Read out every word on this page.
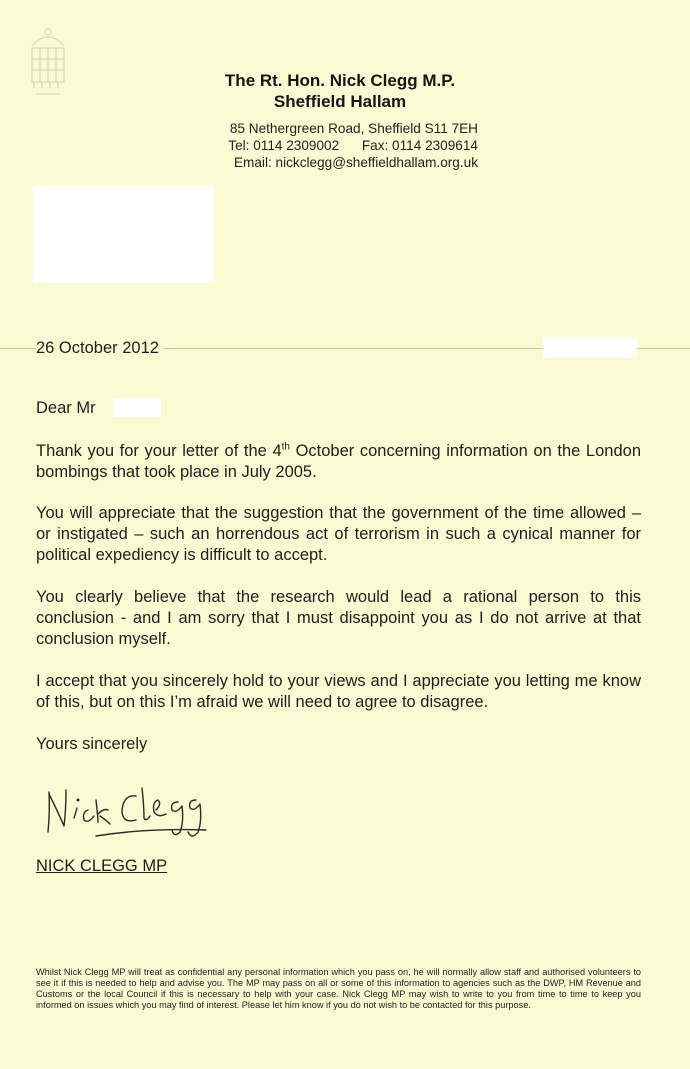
The Rt. Hon. Nick Clegg M.P.
Sheffield Hallam
85 Nethergreen Road, Sheffield S11 7EH
Tel: 0114 2309002 Fax: 0114 2309614
Email: nickclegg@sheffieldhallam.org.uk
26 October 2012
Dear Mr

Thank you for your letter of the 4th October concerning information on the London bombings that took place in July 2005.

You will appreciate that the suggestion that the government of the time allowed – or instigated – such an horrendous act of terrorism in such a cynical manner for political expediency is difficult to accept.

You clearly believe that the research would lead a rational person to this conclusion - and I am sorry that I must disappoint you as I do not arrive at that conclusion myself.

I accept that you sincerely hold to your views and I appreciate you letting me know of this, but on this I’m afraid we will need to agree to disagree.

Yours sincerely
NICK CLEGG MP
Whilst Nick Clegg MP will treat as confidential any personal information which you pass on, he will normally allow staff and authorised volunteers to see it if this is needed to help and advise you. The MP may pass on all or some of this information to agencies such as the DWP, HM Revenue and Customs or the local Council if this is necessary to help with your case. Nick Clegg MP may wish to write to you from time to time to keep you informed on issues which you may find of interest. Please let him know if you do not wish to be contacted for this purpose.
